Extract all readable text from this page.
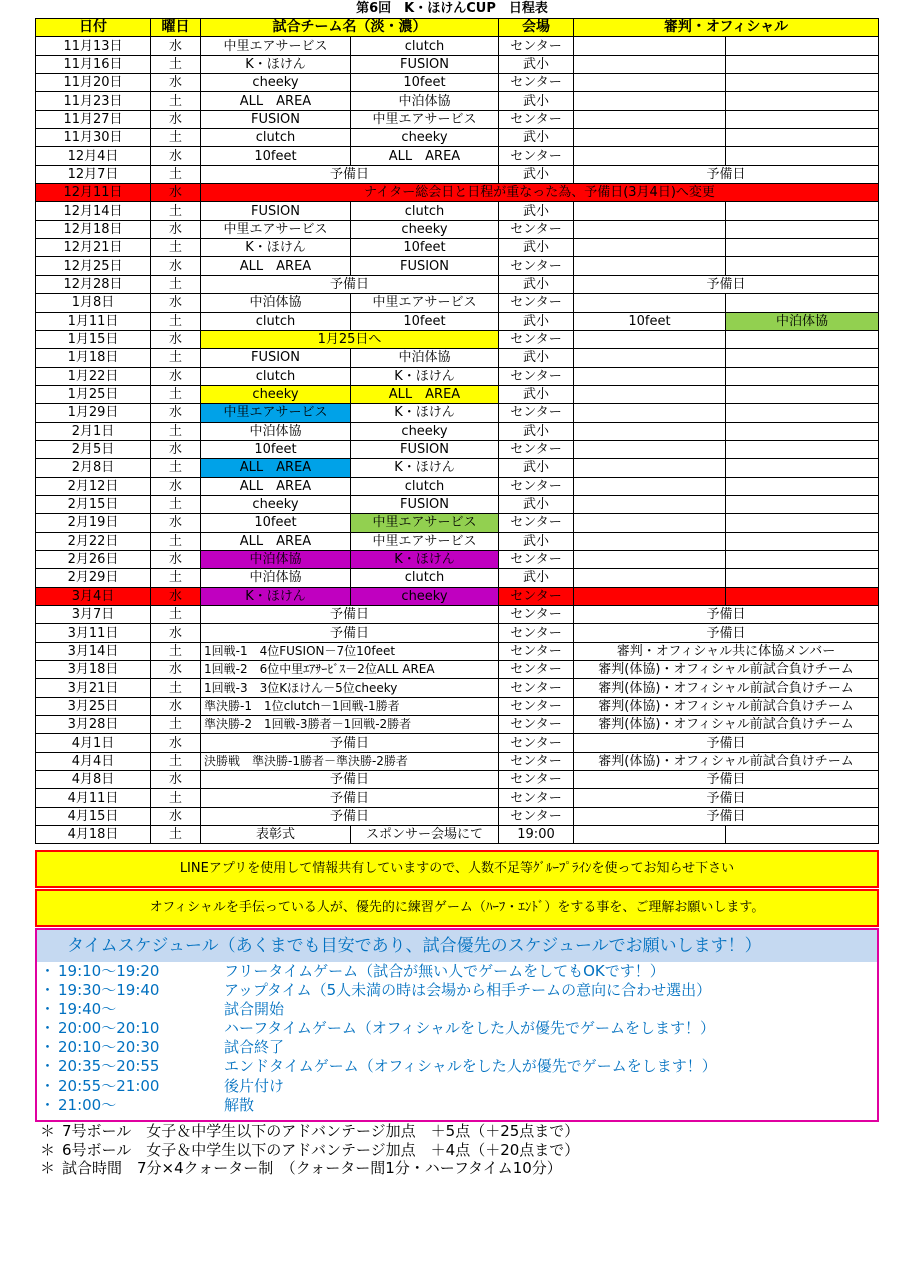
第6回　K・ほけんCUP　日程表
日付	曜日	試合チーム名（淡・濃）		会場	審判・オフィシャル	
11月13日	水	中里エアサービス	clutch	センター		
11月16日	土	K・ほけん	FUSION	武小		
11月20日	水	cheeky	10feet	センター		
11月23日	土	ALL　AREA	中泊体協	武小		
11月27日	水	FUSION	中里エアサービス	センター		
11月30日	土	clutch	cheeky	武小		
12月4日	水	10feet	ALL　AREA	センター		
12月7日	土	予備日		武小	予備日	
12月11日	水	ナイター総会日と日程が重なった為、予備日(3月4日)へ変更				
12月14日	土	FUSION	clutch	武小		
12月18日	水	中里エアサービス	cheeky	センター		
12月21日	土	K・ほけん	10feet	武小		
12月25日	水	ALL　AREA	FUSION	センター		
12月28日	土	予備日		武小	予備日	
1月8日	水	中泊体協	中里エアサービス	センター		
1月11日	土	clutch	10feet	武小	10feet	中泊体協
1月15日	水	1月25日へ		センター		
1月18日	土	FUSION	中泊体協	武小		
1月22日	水	clutch	K・ほけん	センター		
1月25日	土	cheeky	ALL　AREA	武小		
1月29日	水	中里エアサービス	K・ほけん	センター		
2月1日	土	中泊体協	cheeky	武小		
2月5日	水	10feet	FUSION	センター		
2月8日	土	ALL　AREA	K・ほけん	武小		
2月12日	水	ALL　AREA	clutch	センター		
2月15日	土	cheeky	FUSION	武小		
2月19日	水	10feet	中里エアサービス	センター		
2月22日	土	ALL　AREA	中里エアサービス	武小		
2月26日	水	中泊体協	K・ほけん	センター		
2月29日	土	中泊体協	clutch	武小		
3月4日	水	K・ほけん	cheeky	センター		
3月7日	土	予備日		センター	予備日	
3月11日	水	予備日		センター	予備日	
3月14日	土	1回戦-1　4位FUSION－7位10feet		センター	審判・オフィシャル共に体協メンバー	
3月18日	水	1回戦-2　6位中里ｴｱｻｰﾋﾞｽ－2位ALL AREA		センター	審判(体協)・オフィシャル前試合負けチーム	
3月21日	土	1回戦-3　3位Kほけん－5位cheeky		センター	審判(体協)・オフィシャル前試合負けチーム	
3月25日	水	準決勝-1　1位clutch－1回戦-1勝者		センター	審判(体協)・オフィシャル前試合負けチーム	
3月28日	土	準決勝-2　1回戦-3勝者－1回戦-2勝者		センター	審判(体協)・オフィシャル前試合負けチーム	
4月1日	水	予備日		センター	予備日	
4月4日	土	決勝戦　準決勝-1勝者－準決勝-2勝者		センター	審判(体協)・オフィシャル前試合負けチーム	
4月8日	水	予備日		センター	予備日	
4月11日	土	予備日		センター	予備日	
4月15日	水	予備日		センター	予備日	
4月18日	土	表彰式	スポンサー会場にて	19:00		
LINEアプリを使用して情報共有していますので、人数不足等ｸﾞﾙｰﾌﾟﾗｲﾝを使ってお知らせ下さい
オフィシャルを手伝っている人が、優先的に練習ゲーム（ﾊｰﾌ・ｴﾝﾄﾞ）をする事を、ご理解お願いします。
タイムスケジュール（あくまでも目安であり、試合優先のスケジュールでお願いします！）
・ 19:10～19:20	フリータイムゲーム（試合が無い人でゲームをしてもOKです！）
・ 19:30～19:40	アップタイム（5人未満の時は会場から相手チームの意向に合わせ選出）
・ 19:40～	試合開始
・ 20:00～20:10	ハーフタイムゲーム（オフィシャルをした人が優先でゲームをします！）
・ 20:10～20:30	試合終了
・ 20:35～20:55	エンドタイムゲーム（オフィシャルをした人が優先でゲームをします！）
・ 20:55～21:00	後片付け
・ 21:00～	解散
＊ 7号ボール　女子＆中学生以下のアドバンテージ加点　＋5点（＋25点まで）
＊ 6号ボール　女子＆中学生以下のアドバンテージ加点　＋4点（＋20点まで）
＊ 試合時間　7分×4クォーター制　（クォーター間1分・ハーフタイム10分）
